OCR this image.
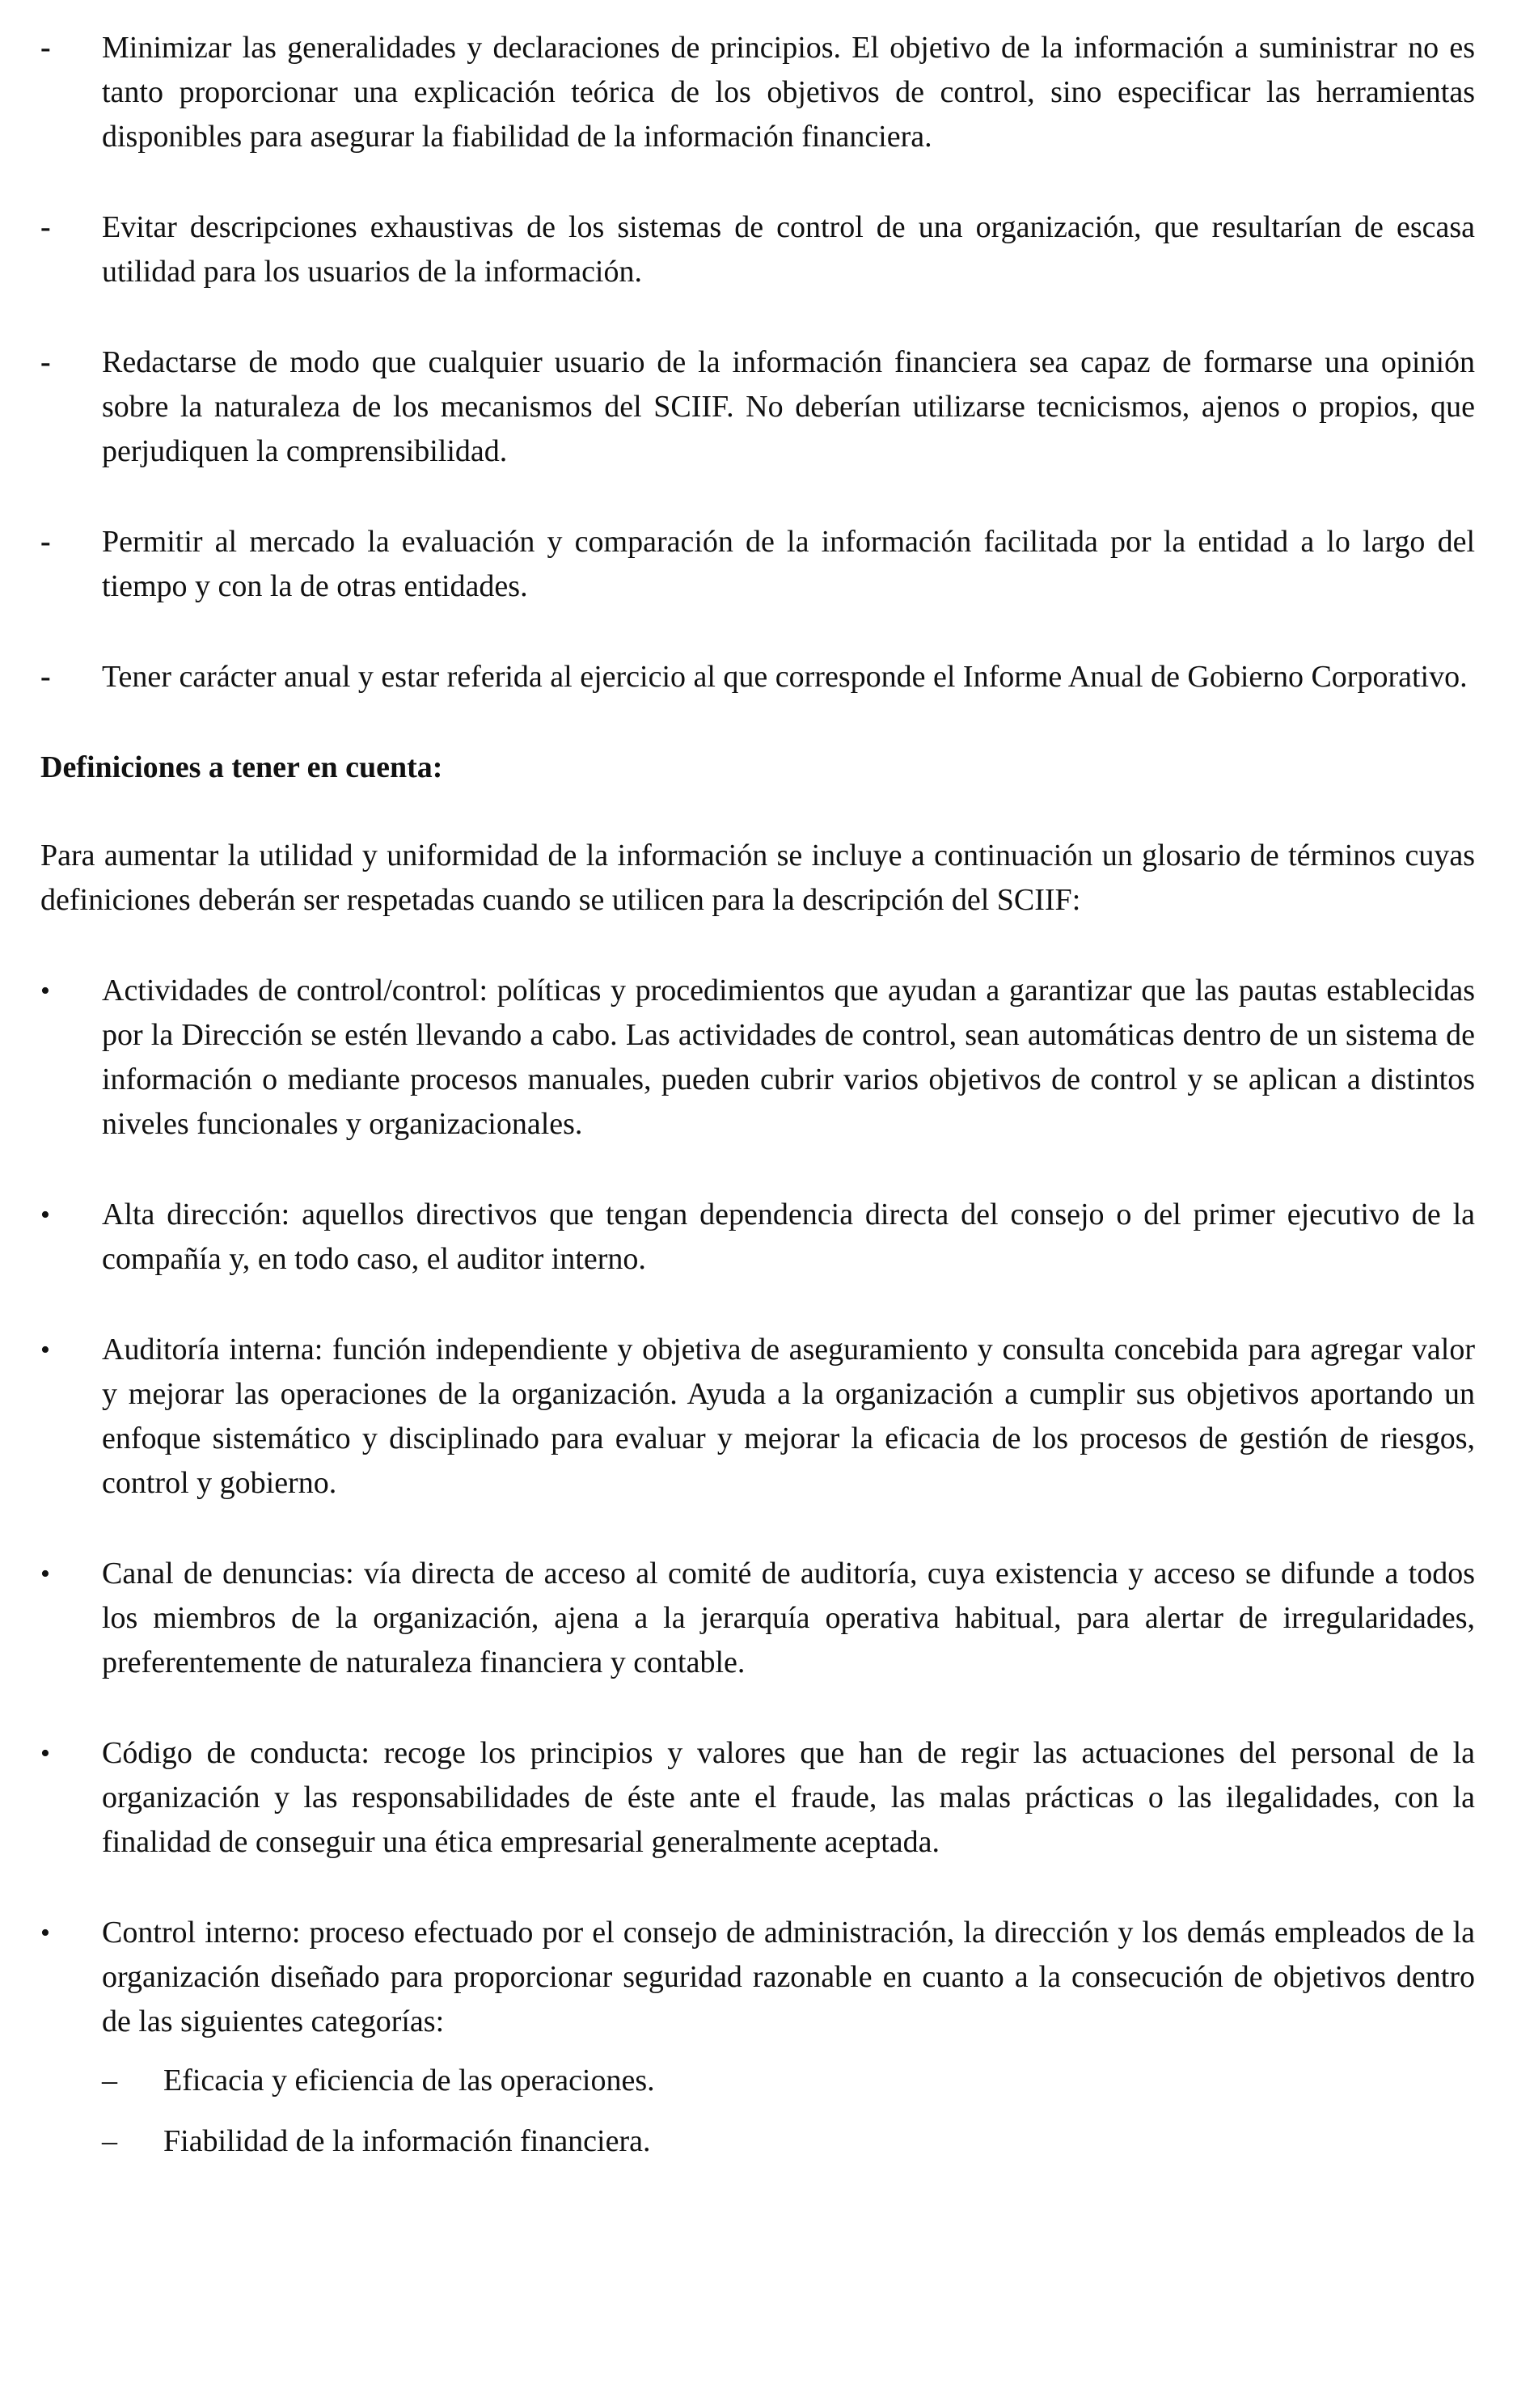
-	Minimizar las generalidades y declaraciones de principios. El objetivo de la información a suministrar no es tanto proporcionar una explicación teórica de los objetivos de control, sino especificar las herramientas disponibles para asegurar la fiabilidad de la información financiera.
-	Evitar descripciones exhaustivas de los sistemas de control de una organización, que resultarían de escasa utilidad para los usuarios de la información.
-	Redactarse de modo que cualquier usuario de la información financiera sea capaz de formarse una opinión sobre la naturaleza de los mecanismos del SCIIF. No deberían utilizarse tecnicismos, ajenos o propios, que perjudiquen la comprensibilidad.
-	Permitir al mercado la evaluación y comparación de la información facilitada por la entidad a lo largo del tiempo y con la de otras entidades.
-	Tener carácter anual y estar referida al ejercicio al que corresponde el Informe Anual de Gobierno Corporativo.
Definiciones a tener en cuenta:
Para aumentar la utilidad y uniformidad de la información se incluye a continuación un glosario de términos cuyas definiciones deberán ser respetadas cuando se utilicen para la descripción del SCIIF:
•	Actividades de control/control: políticas y procedimientos que ayudan a garantizar que las pautas establecidas por la Dirección se estén llevando a cabo. Las actividades de control, sean automáticas dentro de un sistema de información o mediante procesos manuales, pueden cubrir varios objetivos de control y se aplican a distintos niveles funcionales y organizacionales.
•	Alta dirección: aquellos directivos que tengan dependencia directa del consejo o del primer ejecutivo de la compañía y, en todo caso, el auditor interno.
•	Auditoría interna: función independiente y objetiva de aseguramiento y consulta concebida para agregar valor y mejorar las operaciones de la organización. Ayuda a la organización a cumplir sus objetivos aportando un enfoque sistemático y disciplinado para evaluar y mejorar la eficacia de los procesos de gestión de riesgos, control y gobierno.
•	Canal de denuncias: vía directa de acceso al comité de auditoría, cuya existencia y acceso se difunde a todos los miembros de la organización, ajena a la jerarquía operativa habitual, para alertar de irregularidades, preferentemente de naturaleza financiera y contable.
•	Código de conducta: recoge los principios y valores que han de regir las actuaciones del personal de la organización y las responsabilidades de éste ante el fraude, las malas prácticas o las ilegalidades, con la finalidad de conseguir una ética empresarial generalmente aceptada.
•	Control interno: proceso efectuado por el consejo de administración, la dirección y los demás empleados de la organización diseñado para proporcionar seguridad razonable en cuanto a la consecución de objetivos dentro de las siguientes categorías:
–	Eficacia y eficiencia de las operaciones.
–	Fiabilidad de la información financiera.
